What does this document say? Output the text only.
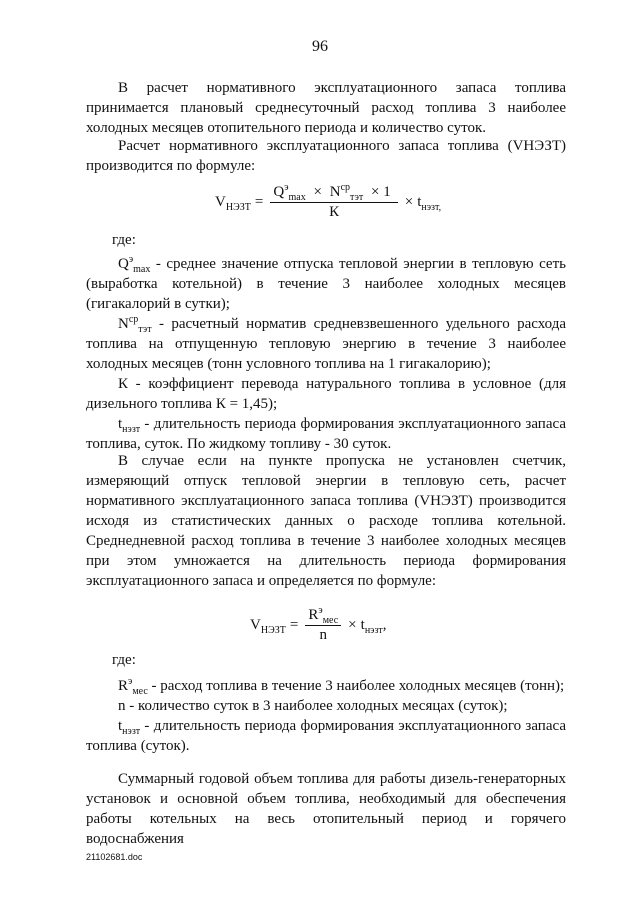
96

В расчет нормативного эксплуатационного запаса топлива принимается плановый среднесуточный расход топлива 3 наиболее холодных месяцев отопительного периода и количество суток.

Расчет нормативного эксплуатационного запаса топлива (VНЭЗТ) производится по формуле:

$V_{НЭЗТ} = \frac{Q^э_{max} \times N^{ср}_{тэт} \times 1}{К} \times t_{нэзт,}$
где:

$Q^э_{max}$ - среднее значение отпуска тепловой энергии в тепловую сеть (выработка котельной) в течение 3 наиболее холодных месяцев (гигакалорий в сутки);

$N^{ср}_{тэт}$ - расчетный норматив средневзвешенного удельного расхода топлива на отпущенную тепловую энергию в течение 3 наиболее холодных месяцев (тонн условного топлива на 1 гигакалорию);

К - коэффициент перевода натурального топлива в условное (для дизельного топлива К = 1,45);

$t_{нэзт}$ - длительность периода формирования эксплуатационного запаса топлива, суток. По жидкому топливу - 30 суток.

В случае если на пункте пропуска не установлен счетчик, измеряющий отпуск тепловой энергии в тепловую сеть, расчет нормативного эксплуатационного запаса топлива (VНЭЗТ) производится исходя из статистических данных о расходе топлива котельной. Среднедневной расход топлива в течение 3 наиболее холодных месяцев при этом умножается на длительность периода формирования эксплуатационного запаса и определяется по формуле:

$V_{НЭЗТ} = \frac{R^э_{мес}}{n} \times t_{нэзт}$,
где:

$R^э_{мес}$ - расход топлива в течение 3 наиболее холодных месяцев (тонн);

n - количество суток в 3 наиболее холодных месяцах (суток);

$t_{нэзт}$ - длительность периода формирования эксплуатационного запаса топлива (суток).

Суммарный годовой объем топлива для работы дизель-генераторных установок и основной объем топлива, необходимый для обеспечения работы котельных на весь отопительный период и горячего водоснабжения

21102681.doc
